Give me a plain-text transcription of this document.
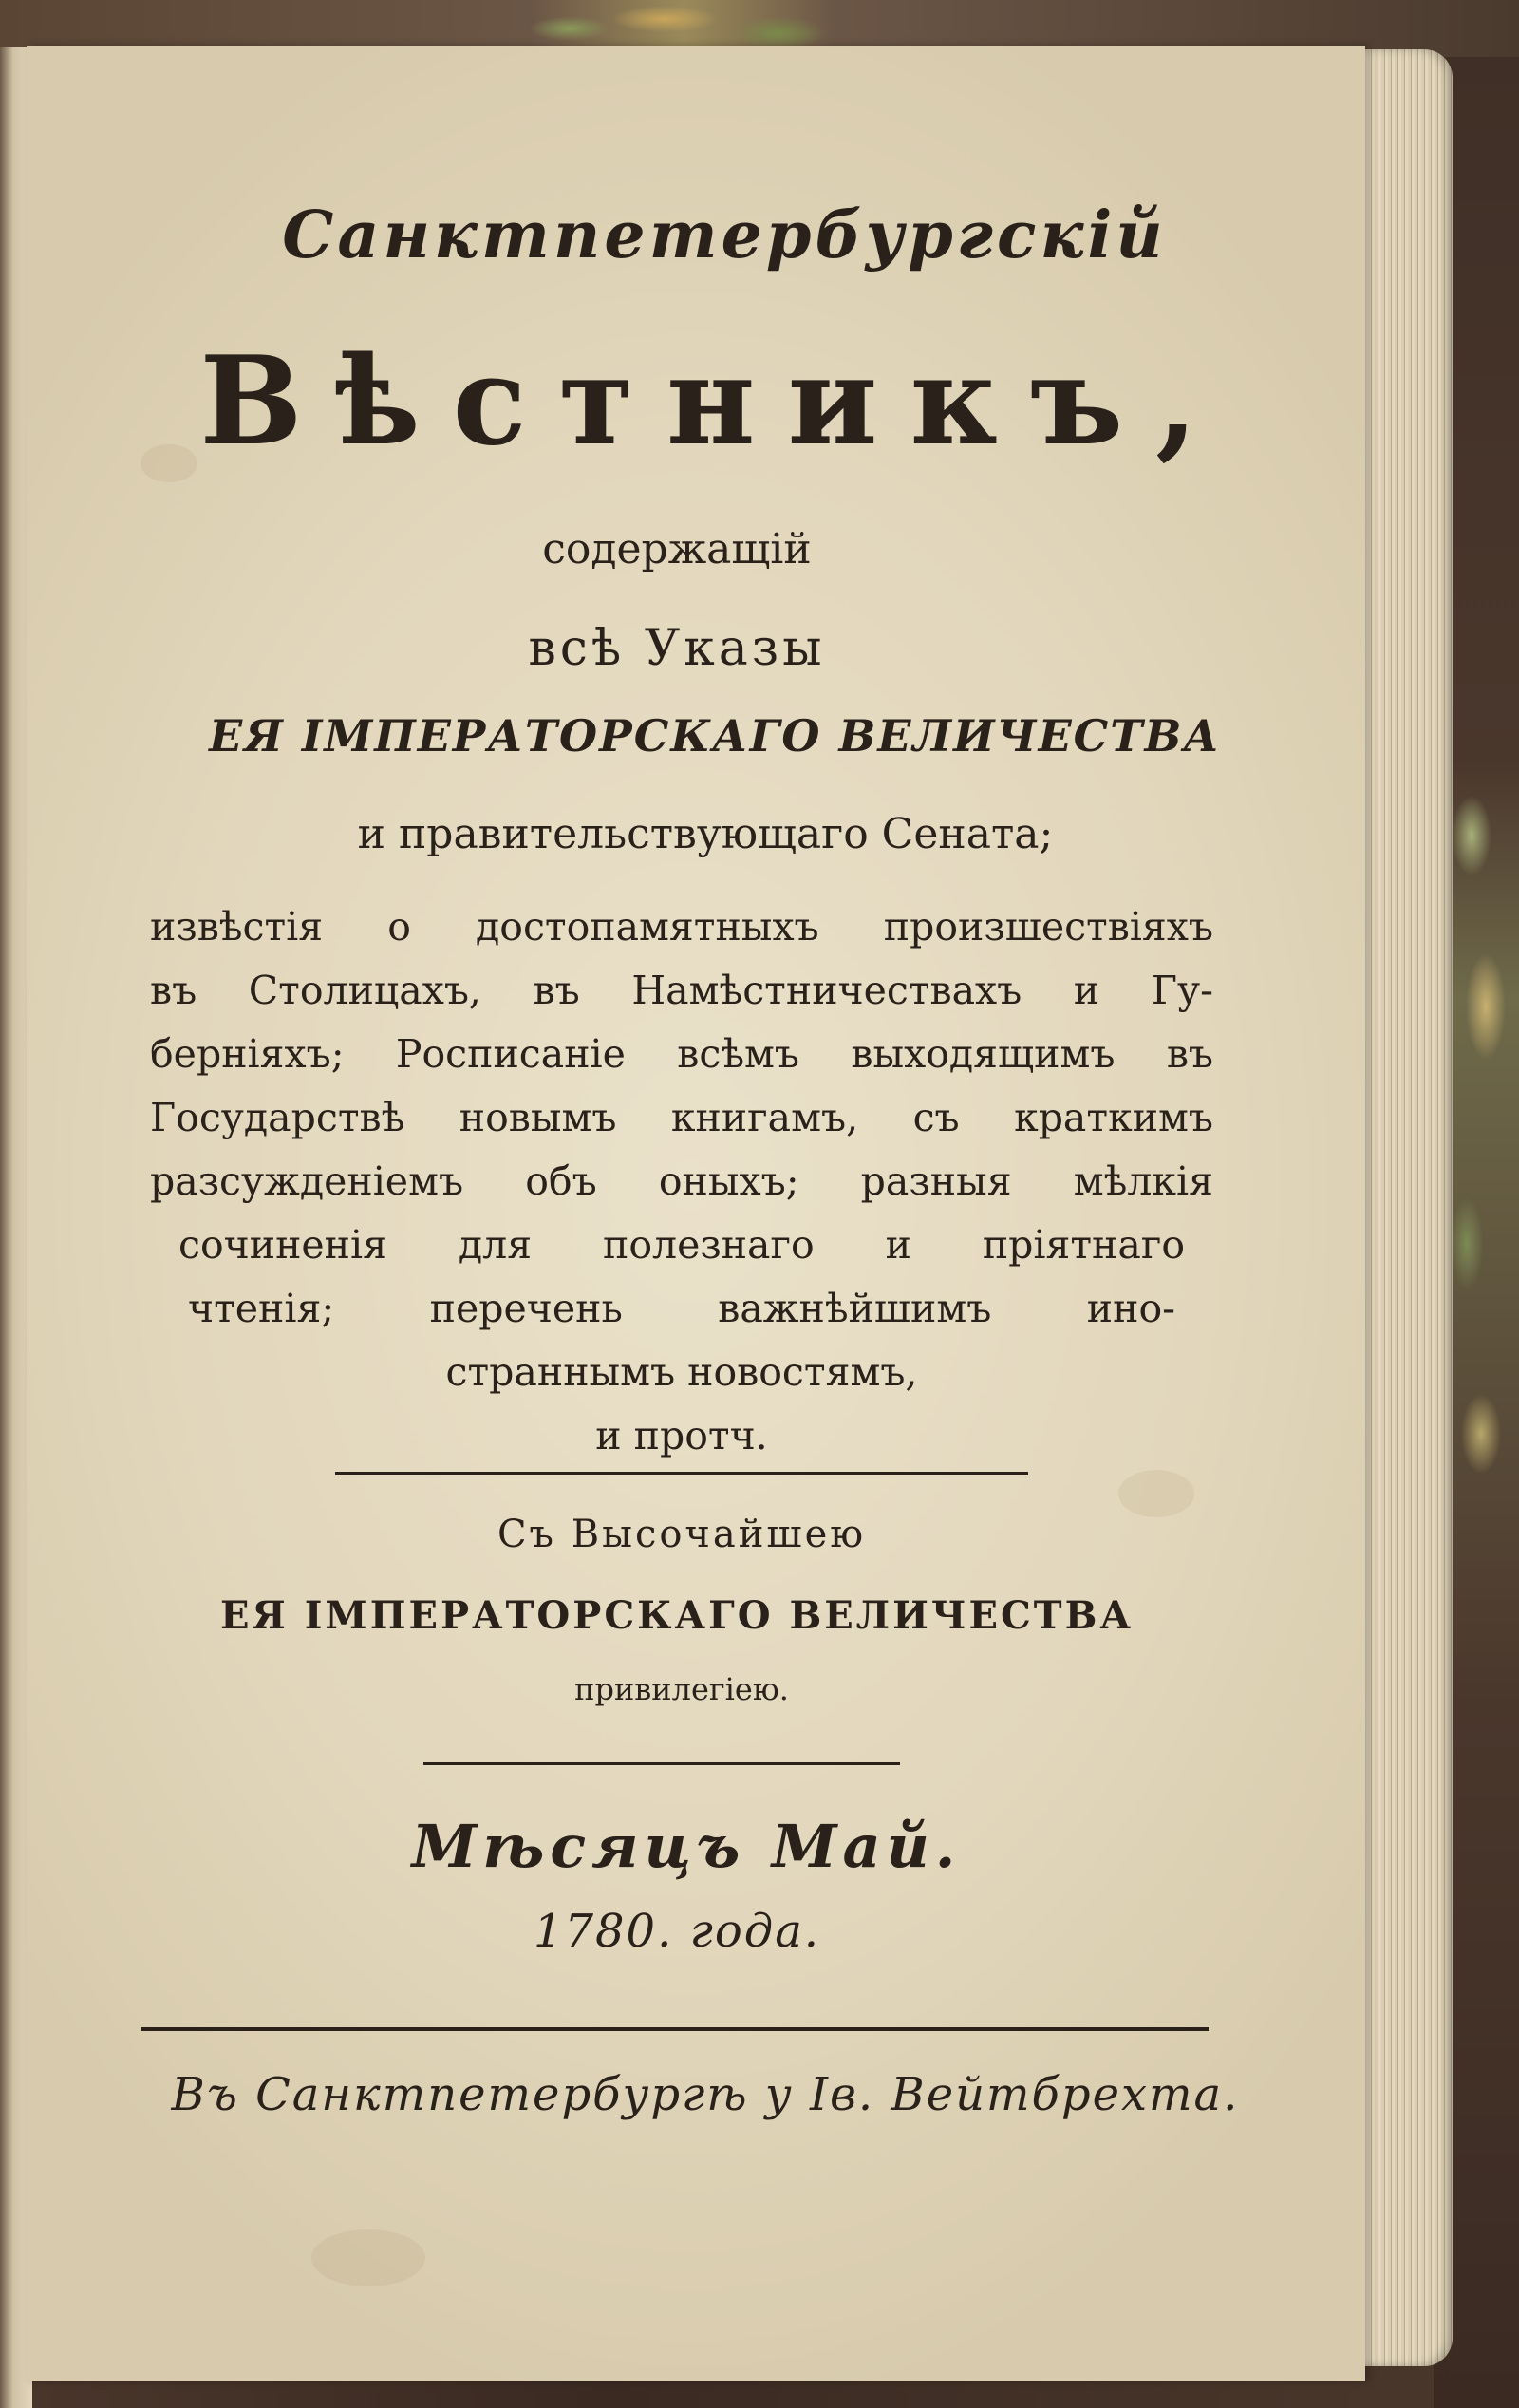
Санктпетербургскій

Вѣстникъ,

содержащій

всѣ Указы

ЕЯ ІМПЕРАТОРСКАГО ВЕЛИЧЕСТВА

и правительствующаго Сената;

извѣстія о достопамятныхъ произшествіяхъ
въ Столицахъ, въ Намѣстничествахъ и Гу-
берніяхъ; Росписаніе всѣмъ выходящимъ въ
Государствѣ новымъ книгамъ, съ краткимъ
разсужденіемъ объ оныхъ; разныя мѣлкія
сочиненія для полезнаго и пріятнаго
чтенія; перечень важнѣйшимъ ино-
страннымъ новостямъ,
и протч.

Съ Высочайшею

ЕЯ ІМПЕРАТОРСКАГО ВЕЛИЧЕСТВА

привилегіею.

Мѣсяцъ Май.

1780. года.

Въ Санктпетербургѣ у Iв. Вейтбрехта.
